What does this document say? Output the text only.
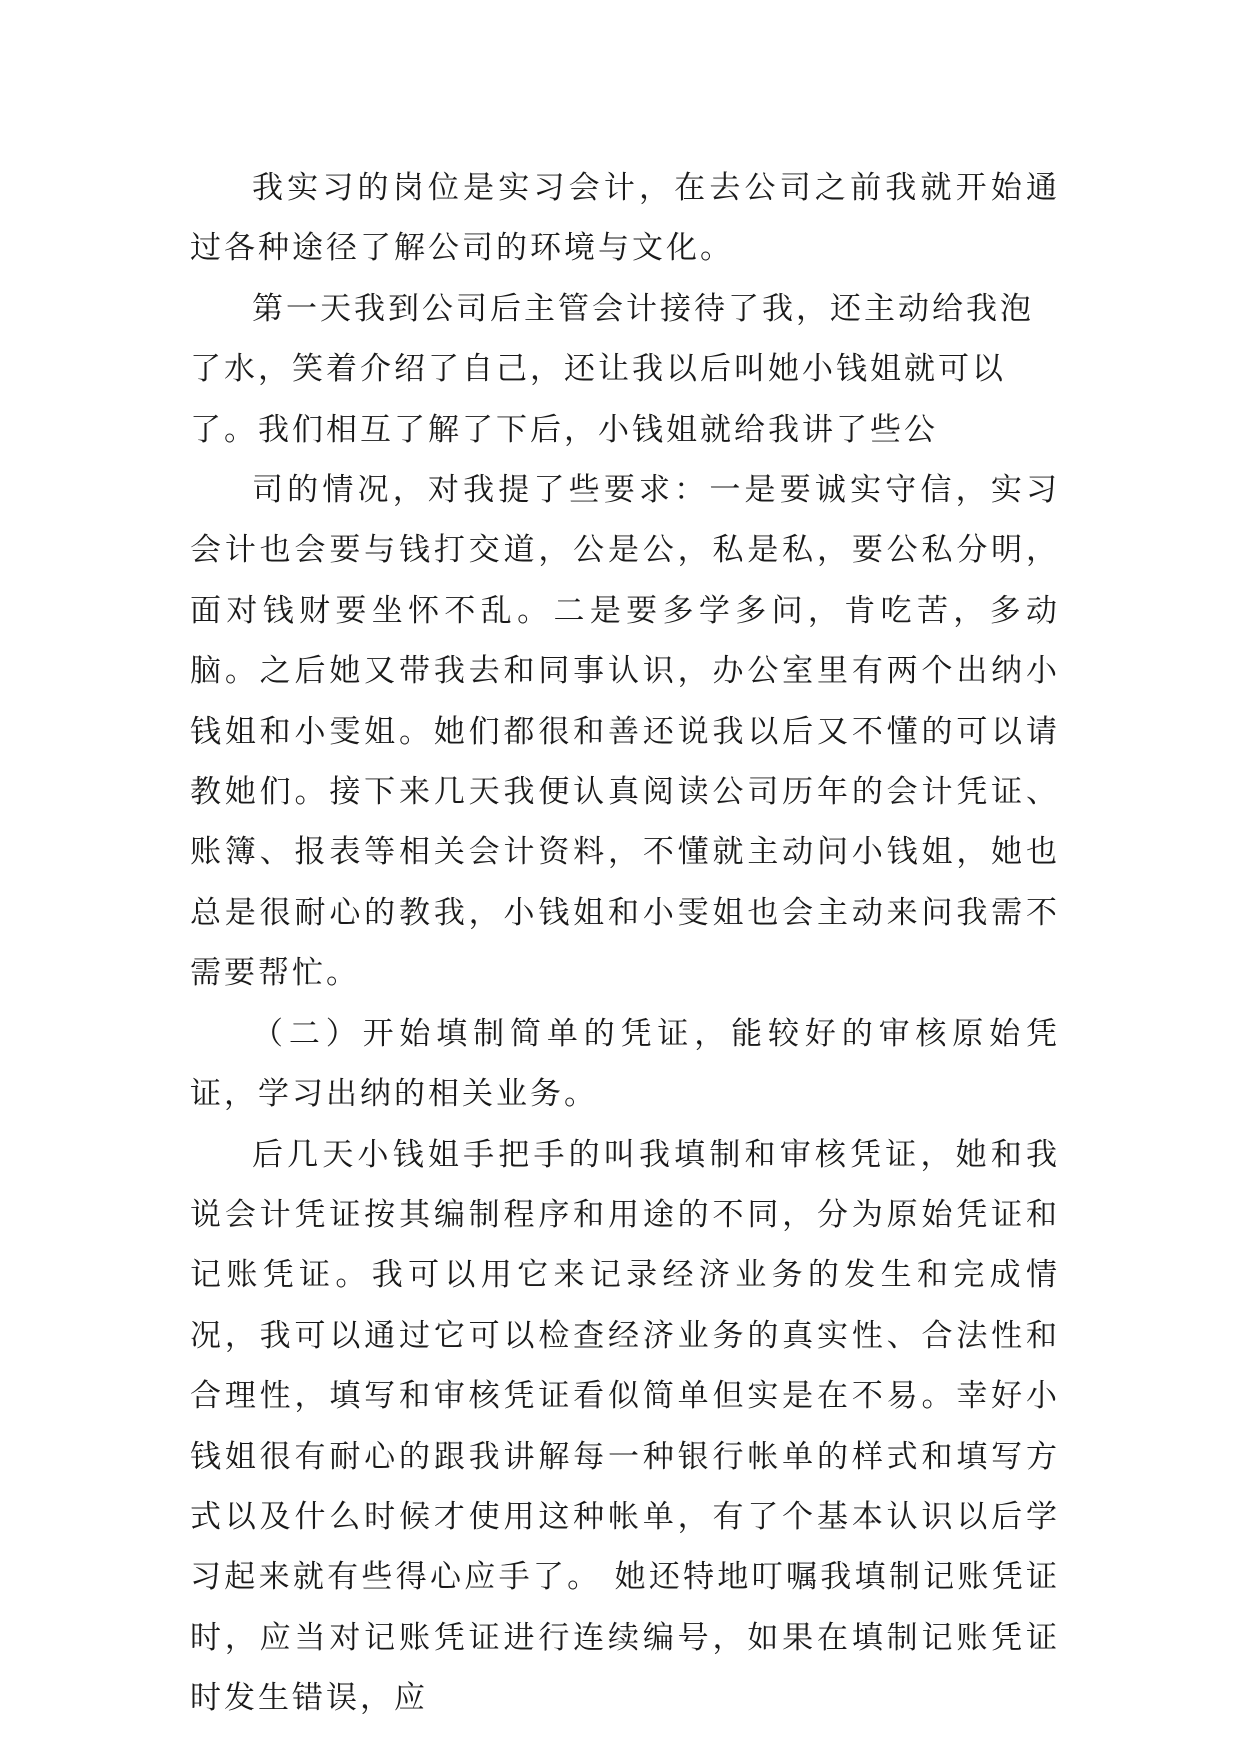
我实习的岗位是实习会计，在去公司之前我就开始通过各种途径了解公司的环境与文化。

第一天我到公司后主管会计接待了我，还主动给我泡了水，笑着介绍了自己，还让我以后叫她小钱姐就可以了。我们相互了解了下后，小钱姐就给我讲了些公

司的情况，对我提了些要求：一是要诚实守信，实习会计也会要与钱打交道，公是公，私是私，要公私分明，面对钱财要坐怀不乱。二是要多学多问，肯吃苦，多动脑。之后她又带我去和同事认识，办公室里有两个出纳小钱姐和小雯姐。她们都很和善还说我以后又不懂的可以请教她们。接下来几天我便认真阅读公司历年的会计凭证、账簿、报表等相关会计资料，不懂就主动问小钱姐，她也总是很耐心的教我，小钱姐和小雯姐也会主动来问我需不需要帮忙。

（二）开始填制简单的凭证，能较好的审核原始凭证，学习出纳的相关业务。

后几天小钱姐手把手的叫我填制和审核凭证，她和我说会计凭证按其编制程序和用途的不同，分为原始凭证和记账凭证。我可以用它来记录经济业务的发生和完成情况，我可以通过它可以检查经济业务的真实性、合法性和合理性，填写和审核凭证看似简单但实是在不易。幸好小钱姐很有耐心的跟我讲解每一种银行帐单的样式和填写方式以及什么时候才使用这种帐单，有了个基本认识以后学习起来就有些得心应手了。 她还特地叮嘱我填制记账凭证时，应当对记账凭证进行连续编号，如果在填制记账凭证时发生错误，应
